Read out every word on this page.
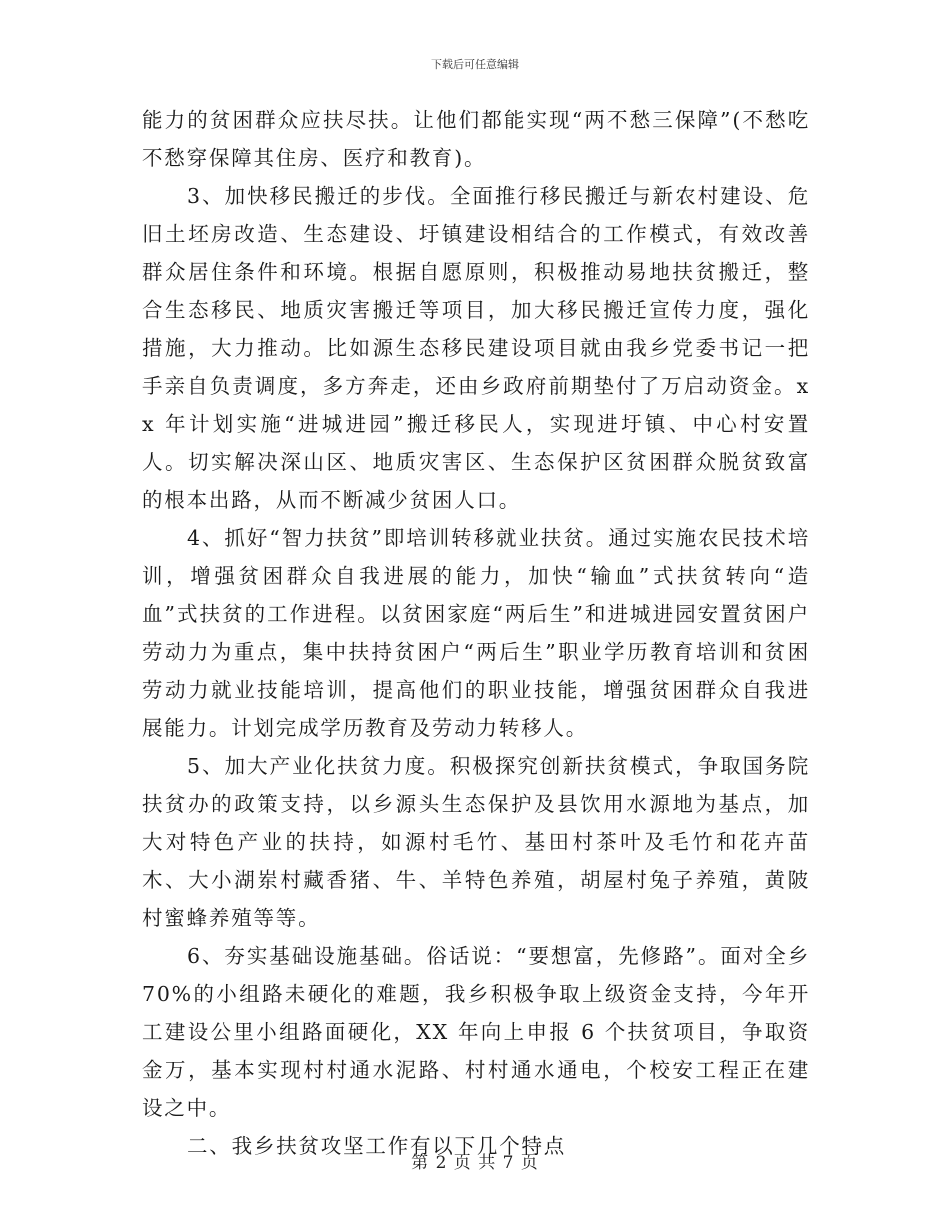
下载后可任意编辑

能力的贫困群众应扶尽扶。让他们都能实现“两不愁三保障”(不愁吃不愁穿保障其住房、医疗和教育)。

3、加快移民搬迁的步伐。全面推行移民搬迁与新农村建设、危旧土坯房改造、生态建设、圩镇建设相结合的工作模式，有效改善群众居住条件和环境。根据自愿原则，积极推动易地扶贫搬迁，整合生态移民、地质灾害搬迁等项目，加大移民搬迁宣传力度，强化措施，大力推动。比如源生态移民建设项目就由我乡党委书记一把手亲自负责调度，多方奔走，还由乡政府前期垫付了万启动资金。xx 年计划实施“进城进园”搬迁移民人，实现进圩镇、中心村安置人。切实解决深山区、地质灾害区、生态保护区贫困群众脱贫致富的根本出路，从而不断减少贫困人口。

4、抓好“智力扶贫”即培训转移就业扶贫。通过实施农民技术培训，增强贫困群众自我进展的能力，加快“输血”式扶贫转向“造血”式扶贫的工作进程。以贫困家庭“两后生”和进城进园安置贫困户劳动力为重点，集中扶持贫困户“两后生”职业学历教育培训和贫困劳动力就业技能培训，提高他们的职业技能，增强贫困群众自我进展能力。计划完成学历教育及劳动力转移人。

5、加大产业化扶贫力度。积极探究创新扶贫模式，争取国务院扶贫办的政策支持，以乡源头生态保护及县饮用水源地为基点，加大对特色产业的扶持，如源村毛竹、基田村茶叶及毛竹和花卉苗木、大小湖岽村藏香猪、牛、羊特色养殖，胡屋村兔子养殖，黄陂村蜜蜂养殖等等。

6、夯实基础设施基础。俗话说：“要想富，先修路”。面对全乡70%的小组路未硬化的难题，我乡积极争取上级资金支持，今年开工建设公里小组路面硬化，XX 年向上申报 6 个扶贫项目，争取资金万，基本实现村村通水泥路、村村通水通电，个校安工程正在建设之中。

二、我乡扶贫攻坚工作有以下几个特点

第 2 页 共 7 页
